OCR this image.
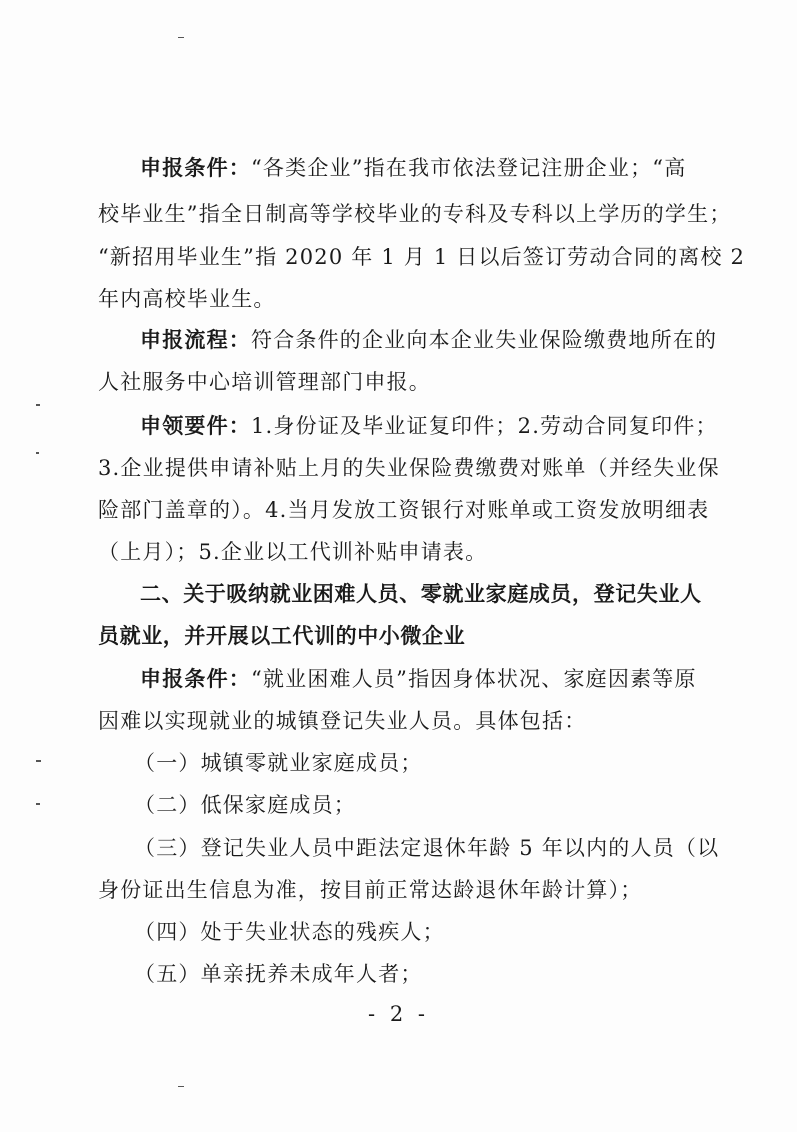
申报条件：“各类企业”指在我市依法登记注册企业；“高
校毕业生”指全日制高等学校毕业的专科及专科以上学历的学生；
“新招用毕业生”指 2020 年 1 月 1 日以后签订劳动合同的离校 2
年内高校毕业生。
申报流程：符合条件的企业向本企业失业保险缴费地所在的
人社服务中心培训管理部门申报。
申领要件：1.身份证及毕业证复印件；2.劳动合同复印件；
3.企业提供申请补贴上月的失业保险费缴费对账单（并经失业保
险部门盖章的）。4.当月发放工资银行对账单或工资发放明细表
（上月）；5.企业以工代训补贴申请表。
二、关于吸纳就业困难人员、零就业家庭成员，登记失业人
员就业，并开展以工代训的中小微企业
申报条件：“就业困难人员”指因身体状况、家庭因素等原
因难以实现就业的城镇登记失业人员。具体包括：
（一）城镇零就业家庭成员；
（二）低保家庭成员；
（三）登记失业人员中距法定退休年龄 5 年以内的人员（以
身份证出生信息为准，按目前正常达龄退休年龄计算）；
（四）处于失业状态的残疾人；
（五）单亲抚养未成年人者；
- 2 -
